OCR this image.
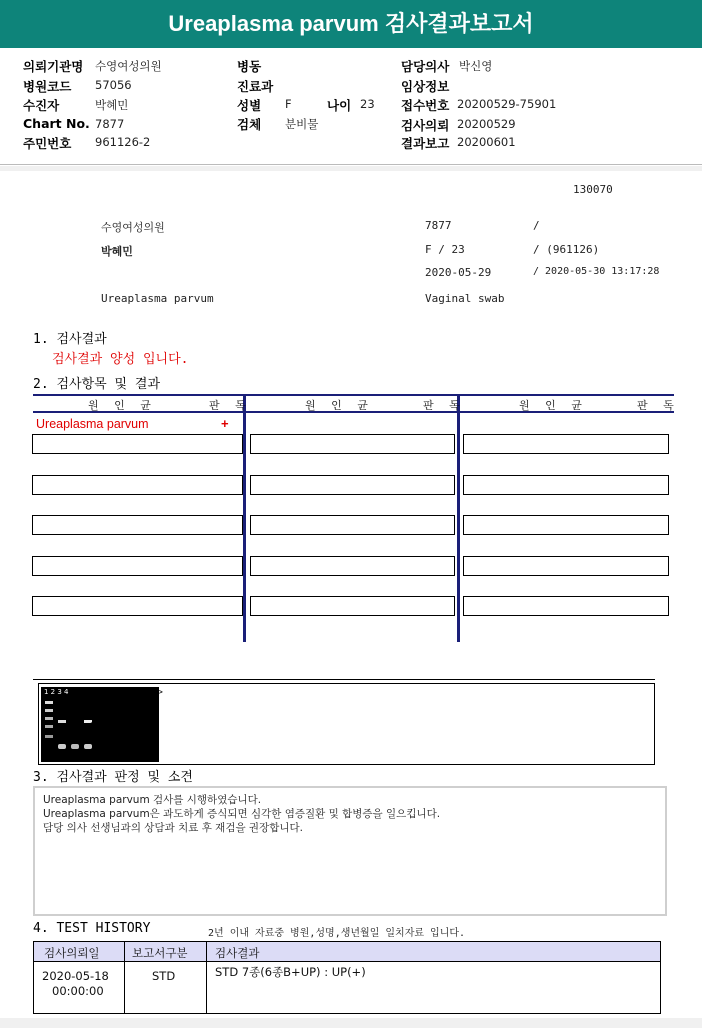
Ureaplasma parvum 검사결과보고서
의뢰기관명 수영여성의원
병원코드 57056
수진자	박혜민
Chart No. 7877
주민번호 961126-2
병동
진료과
성별 F	나이 23
검체 분비물
담당의사 박신영
임상정보
접수번호 20200529-75901
검사의뢰 20200529
결과보고 20200601
130070
수영여성의원	7877	/
박혜민	F / 23	/ (961126)
2020-05-29	/ 2020-05-30 13:17:28
Ureaplasma parvum	Vaginal swab
1. 검사결과
검사결과 양성 입니다.
2. 검사항목 및 결과
원 인 균	판 독	원 인 균	판 독	원 인 균	판 독
Ureaplasma parvum	+
1 2 3 4	<Ureaplasma parvum>
◀ 350bp U.P. infection
Lane 1. Size maker
Lane 2. Positive control
Lane 3. Negative control
Lane 4. Sample
3. 검사결과 판정 및 소견
Ureaplasma parvum 검사를 시행하였습니다.
Ureaplasma parvum은 과도하게 증식되면 심각한 염증질환 및 합병증을 일으킵니다.
담당 의사 선생님과의 상담과 치료 후 재검을 권장합니다.
4. TEST HISTORY	2년 이내 자료중 병원,성명,생년월일 일치자료 입니다.
검사의뢰일	보고서구분 검사결과
2020-05-18
00:00:00
STD	STD 7종(6종B+UP) : UP(+)
